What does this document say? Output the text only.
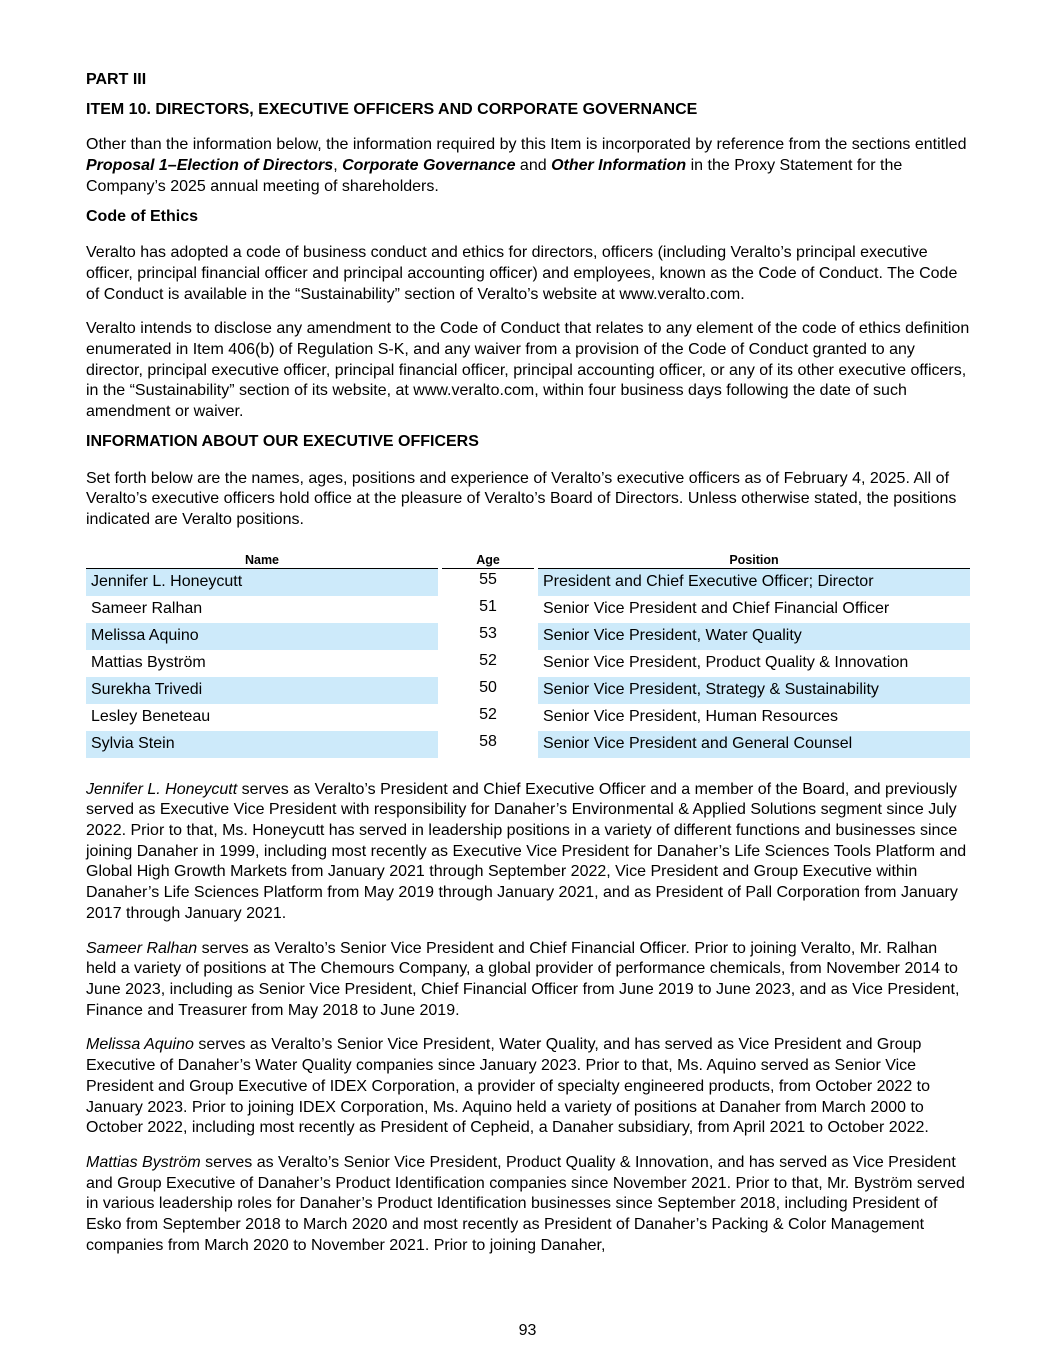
PART III
ITEM 10. DIRECTORS, EXECUTIVE OFFICERS AND CORPORATE GOVERNANCE

Other than the information below, the information required by this Item is incorporated by reference from the sections entitled Proposal 1–Election of Directors, Corporate Governance and Other Information in the Proxy Statement for the Company’s 2025 annual meeting of shareholders.

Code of Ethics

Veralto has adopted a code of business conduct and ethics for directors, officers (including Veralto’s principal executive officer, principal financial officer and principal accounting officer) and employees, known as the Code of Conduct. The Code of Conduct is available in the “Sustainability” section of Veralto’s website at www.veralto.com.

Veralto intends to disclose any amendment to the Code of Conduct that relates to any element of the code of ethics definition enumerated in Item 406(b) of Regulation S-K, and any waiver from a provision of the Code of Conduct granted to any director, principal executive officer, principal financial officer, principal accounting officer, or any of its other executive officers, in the “Sustainability” section of its website, at www.veralto.com, within four business days following the date of such amendment or waiver.

INFORMATION ABOUT OUR EXECUTIVE OFFICERS

Set forth below are the names, ages, positions and experience of Veralto’s executive officers as of February 4, 2025. All of Veralto’s executive officers hold office at the pleasure of Veralto’s Board of Directors. Unless otherwise stated, the positions indicated are Veralto positions.

Name		Age		Position
Jennifer L. Honeycutt		55		President and Chief Executive Officer; Director
Sameer Ralhan		51		Senior Vice President and Chief Financial Officer
Melissa Aquino		53		Senior Vice President, Water Quality
Mattias Byström		52		Senior Vice President, Product Quality & Innovation
Surekha Trivedi		50		Senior Vice President, Strategy & Sustainability
Lesley Beneteau		52		Senior Vice President, Human Resources
Sylvia Stein		58		Senior Vice President and General Counsel

Jennifer L. Honeycutt serves as Veralto’s President and Chief Executive Officer and a member of the Board, and previously served as Executive Vice President with responsibility for Danaher’s Environmental & Applied Solutions segment since July 2022. Prior to that, Ms. Honeycutt has served in leadership positions in a variety of different functions and businesses since joining Danaher in 1999, including most recently as Executive Vice President for Danaher’s Life Sciences Tools Platform and Global High Growth Markets from January 2021 through September 2022, Vice President and Group Executive within Danaher’s Life Sciences Platform from May 2019 through January 2021, and as President of Pall Corporation from January 2017 through January 2021.

Sameer Ralhan serves as Veralto’s Senior Vice President and Chief Financial Officer. Prior to joining Veralto, Mr. Ralhan held a variety of positions at The Chemours Company, a global provider of performance chemicals, from November 2014 to June 2023, including as Senior Vice President, Chief Financial Officer from June 2019 to June 2023, and as Vice President, Finance and Treasurer from May 2018 to June 2019.

Melissa Aquino serves as Veralto’s Senior Vice President, Water Quality, and has served as Vice President and Group Executive of Danaher’s Water Quality companies since January 2023. Prior to that, Ms. Aquino served as Senior Vice President and Group Executive of IDEX Corporation, a provider of specialty engineered products, from October 2022 to January 2023. Prior to joining IDEX Corporation, Ms. Aquino held a variety of positions at Danaher from March 2000 to October 2022, including most recently as President of Cepheid, a Danaher subsidiary, from April 2021 to October 2022.

Mattias Byström serves as Veralto’s Senior Vice President, Product Quality & Innovation, and has served as Vice President and Group Executive of Danaher’s Product Identification companies since November 2021. Prior to that, Mr. Byström served in various leadership roles for Danaher’s Product Identification businesses since September 2018, including President of Esko from September 2018 to March 2020 and most recently as President of Danaher’s Packing & Color Management companies from March 2020 to November 2021. Prior to joining Danaher,

93
